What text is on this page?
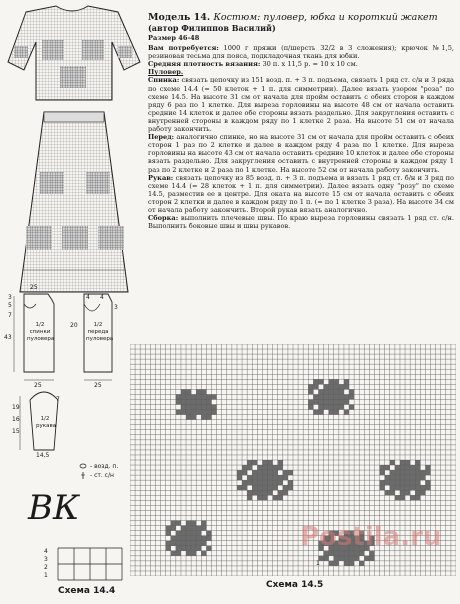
25
3
5
7
43
20
25	25
19
16
15
7
14,5
4 4
3
1/2 спинки пуловера
1/2 переда пуловера
1/2 рукава
- возд. п.
- ст. с/н
ВК
4
3
2
1
Схема 14.4
Модель 14. Костюм: пуловер, юбка и короткий жакет
(автор Филиппов Василий)
Размер 46-48

Вам потребуется: 1000 г пряжи (п/шерсть 32/2 в 3 сложения); крючок №1,5, резиновая тесьма для пояса, подкладочная ткань для юбки.

Средняя плотность вязания: 30 п. x 11,5 р. = 10 x 10 см.

Пуловер.

Спинка: связать цепочку из 151 возд. п. + 3 п. подъема, связать 1 ряд ст. с/н и 3 ряда по схеме 14.4 (= 50 клеток + 1 п. для симметрии). Далее вязать узором "роза" по схеме 14.5. На высоте 31 см от начала для пройм оставить с обеих сторон в каждом ряду 6 раз по 1 клетке. Для выреза горловины на высоте 48 см от начала оставить средние 14 клеток и далее обе стороны вязать раздельно. Для закругления оставить с внутренней стороны в каждом ряду по 1 клетке 2 раза. На высоте 51 см от начала работу закончить.

Перед: аналогично спинке, но на высоте 31 см от начала для пройм оставить с обеих сторон 1 раз по 2 клетке и далее в каждом ряду 4 раза по 1 клетке. Для выреза горловины на высоте 43 см от начала оставить средние 10 клеток и далее обе стороны вязать раздельно. Для закругления оставить с внутренней стороны в каждом ряду 1 раз по 2 клетке и 2 раза по 1 клетке. На высоте 52 см от начала работу закончить.

Рукав: связать цепочку из 85 возд. п. + 3 п. подъема и вязать 1 ряд ст. б/н и 3 ряд по схеме 14.4 (= 28 клеток + 1 п. для симметрии). Далее вязать одну "розу" по схеме 14.5, разместив ее в центре. Для оката на высоте 15 см от начала оставить с обеих сторон 2 клетки и далее в каждом ряду по 1 п. (= по 1 клетке 3 раза). На высоте 34 см от начала работу закончить. Второй рукав вязать аналогично.

Сборка: выполнить плечевые швы. По краю выреза горловины связать 1 ряд ст. с/н. Выполнить боковые швы и швы рукавов.

1
Схема 14.5
Postila.ru
